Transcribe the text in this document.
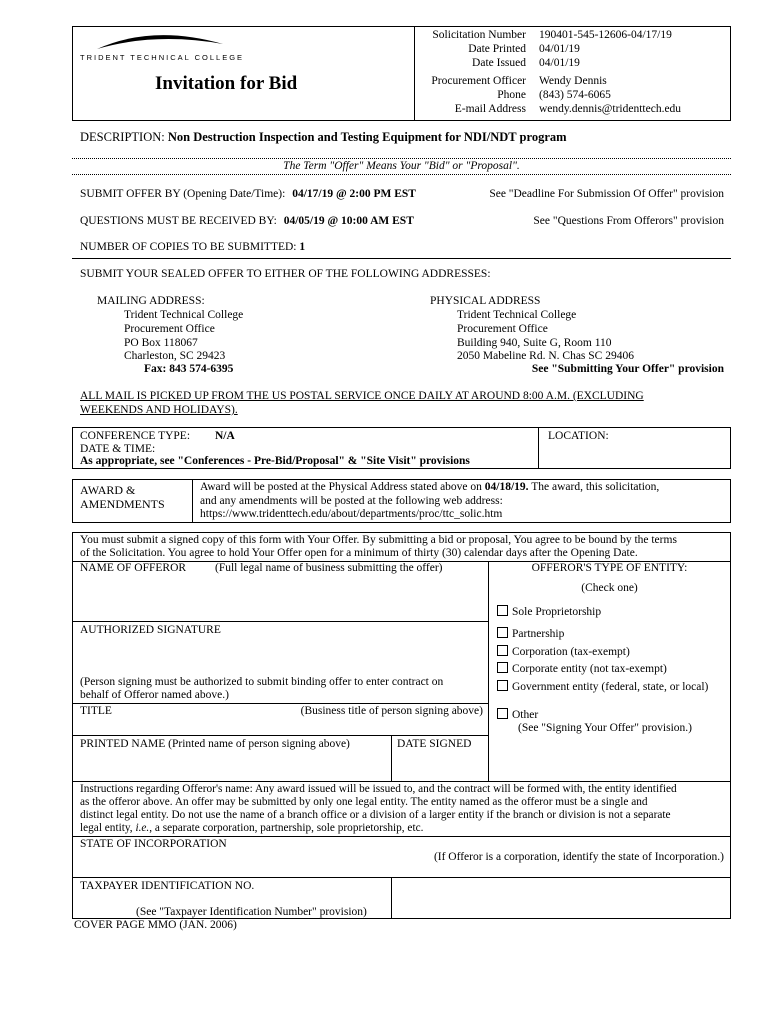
TRIDENT TECHNICAL COLLEGE
Invitation for Bid
Solicitation Number 190401-545-12606-04/17/19
Date Printed 04/01/19
Date Issued 04/01/19
Procurement Officer Wendy Dennis
Phone (843) 574-6065
E-mail Address wendy.dennis@tridenttech.edu
DESCRIPTION: Non Destruction Inspection and Testing Equipment for NDI/NDT program
The Term "Offer" Means Your "Bid" or "Proposal".
SUBMIT OFFER BY (Opening Date/Time): 04/17/19 @ 2:00 PM EST	See "Deadline For Submission Of Offer" provision
QUESTIONS MUST BE RECEIVED BY: 04/05/19 @ 10:00 AM EST	See "Questions From Offerors" provision
NUMBER OF COPIES TO BE SUBMITTED: 1
SUBMIT YOUR SEALED OFFER TO EITHER OF THE FOLLOWING ADDRESSES:
MAILING ADDRESS:
Trident Technical College
Procurement Office
PO Box 118067
Charleston, SC 29423
Fax: 843 574-6395
PHYSICAL ADDRESS
Trident Technical College
Procurement Office
Building 940, Suite G, Room 110
2050 Mabeline Rd. N. Chas SC 29406
See "Submitting Your Offer" provision
ALL MAIL IS PICKED UP FROM THE US POSTAL SERVICE ONCE DAILY AT AROUND 8:00 A.M. (EXCLUDING
WEEKENDS AND HOLIDAYS).
CONFERENCE TYPE: N/A
DATE & TIME:
As appropriate, see "Conferences - Pre-Bid/Proposal" & "Site Visit" provisions
LOCATION:
AWARD &
AMENDMENTS
Award will be posted at the Physical Address stated above on 04/18/19. The award, this solicitation,
and any amendments will be posted at the following web address:
https://www.tridenttech.edu/about/departments/proc/ttc_solic.htm
You must submit a signed copy of this form with Your Offer. By submitting a bid or proposal, You agree to be bound by the terms
of the Solicitation. You agree to hold Your Offer open for a minimum of thirty (30) calendar days after the Opening Date.
NAME OF OFFEROR	(Full legal name of business submitting the offer)
AUTHORIZED SIGNATURE
(Person signing must be authorized to submit binding offer to enter contract on
behalf of Offeror named above.)
TITLE	(Business title of person signing above)
PRINTED NAME (Printed name of person signing above)	DATE SIGNED
OFFEROR'S TYPE OF ENTITY:
(Check one)
Sole Proprietorship
Partnership
Corporation (tax-exempt)
Corporate entity (not tax-exempt)
Government entity (federal, state, or local)
Other
(See "Signing Your Offer" provision.)
Instructions regarding Offeror's name: Any award issued will be issued to, and the contract will be formed with, the entity identified
as the offeror above. An offer may be submitted by only one legal entity. The entity named as the offeror must be a single and
distinct legal entity. Do not use the name of a branch office or a division of a larger entity if the branch or division is not a separate
legal entity, i.e., a separate corporation, partnership, sole proprietorship, etc.
STATE OF INCORPORATION
(If Offeror is a corporation, identify the state of Incorporation.)
TAXPAYER IDENTIFICATION NO.
(See "Taxpayer Identification Number" provision)
COVER PAGE MMO (JAN. 2006)
